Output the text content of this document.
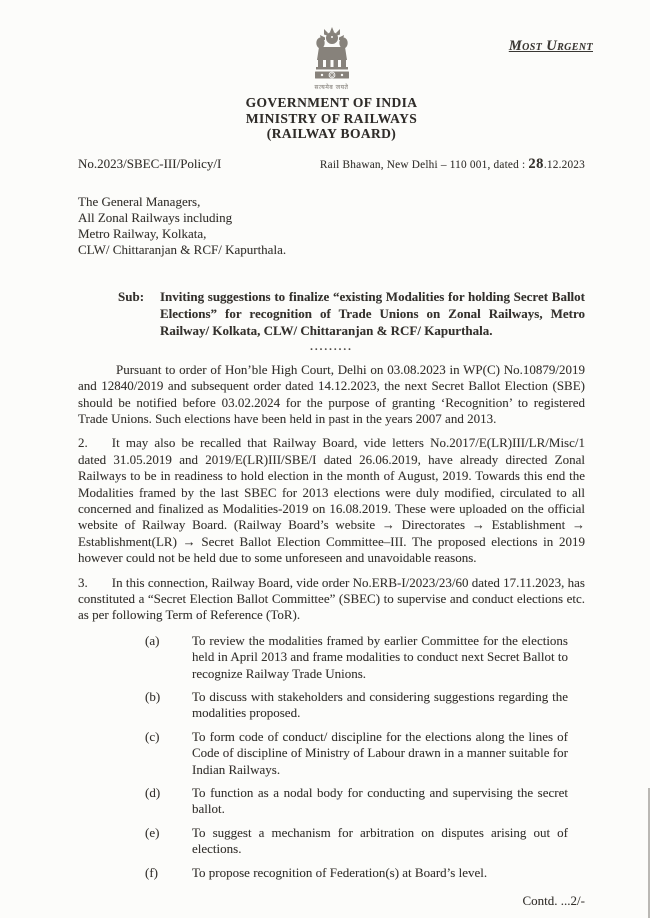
Most Urgent
सत्यमेव जयते
GOVERNMENT OF INDIA
MINISTRY OF RAILWAYS
(RAILWAY BOARD)
No.2023/SBEC-III/Policy/I	Rail Bhawan, New Delhi – 110 001, dated : 28.12.2023
The General Managers,
All Zonal Railways including
Metro Railway, Kolkata,
CLW/ Chittaranjan & RCF/ Kapurthala.
Sub:	Inviting suggestions to finalize “existing Modalities for holding Secret Ballot Elections” for recognition of Trade Unions on Zonal Railways, Metro Railway/ Kolkata, CLW/ Chittaranjan & RCF/ Kapurthala.
.........

Pursuant to order of Hon’ble High Court, Delhi on 03.08.2023 in WP(C) No.10879/2019 and 12840/2019 and subsequent order dated 14.12.2023, the next Secret Ballot Election (SBE) should be notified before 03.02.2024 for the purpose of granting ‘Recognition’ to registered Trade Unions. Such elections have been held in past in the years 2007 and 2013.

2. It may also be recalled that Railway Board, vide letters No.2017/E(LR)III/LR/Misc/1 dated 31.05.2019 and 2019/E(LR)III/SBE/I dated 26.06.2019, have already directed Zonal Railways to be in readiness to hold election in the month of August, 2019. Towards this end the Modalities framed by the last SBEC for 2013 elections were duly modified, circulated to all concerned and finalized as Modalities-2019 on 16.08.2019. These were uploaded on the official website of Railway Board. (Railway Board’s website → Directorates → Establishment → Establishment(LR) → Secret Ballot Election Committee–III. The proposed elections in 2019 however could not be held due to some unforeseen and unavoidable reasons.

3. In this connection, Railway Board, vide order No.ERB-I/2023/23/60 dated 17.11.2023, has constituted a “Secret Election Ballot Committee” (SBEC) to supervise and conduct elections etc. as per following Term of Reference (ToR).

(a)	To review the modalities framed by earlier Committee for the elections held in April 2013 and frame modalities to conduct next Secret Ballot to recognize Railway Trade Unions.
(b)	To discuss with stakeholders and considering suggestions regarding the modalities proposed.
(c)	To form code of conduct/ discipline for the elections along the lines of Code of discipline of Ministry of Labour drawn in a manner suitable for Indian Railways.
(d)	To function as a nodal body for conducting and supervising the secret ballot.
(e)	To suggest a mechanism for arbitration on disputes arising out of elections.
(f)	To propose recognition of Federation(s) at Board’s level.
Contd. ...2/-
